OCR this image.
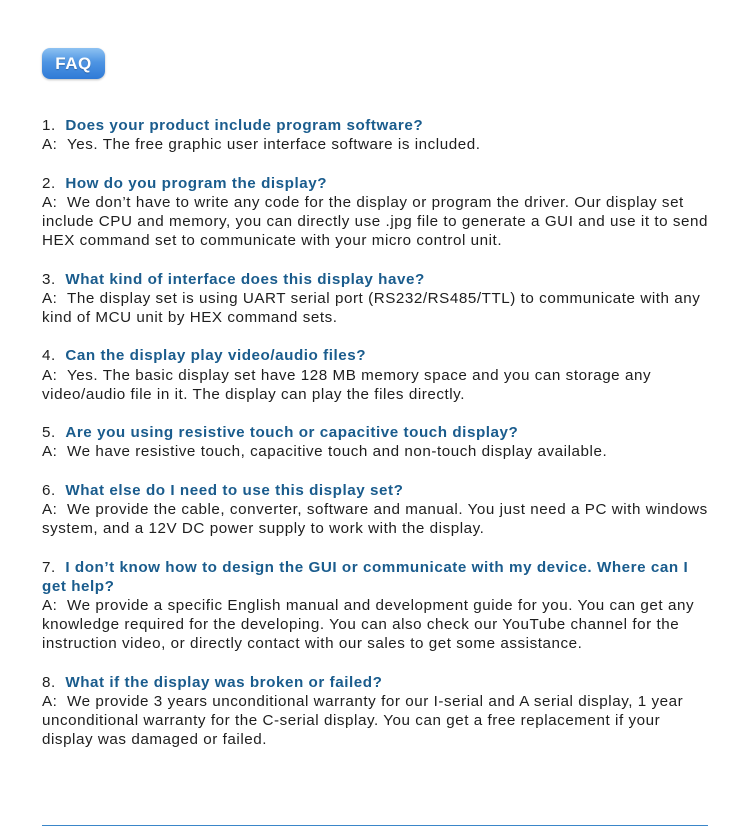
FAQ

1. Does your product include program software?

A: Yes. The free graphic user interface software is included.

2. How do you program the display?

A: We don’t have to write any code for the display or program the driver. Our display set include CPU and memory, you can directly use .jpg file to generate a GUI and use it to send HEX command set to communicate with your micro control unit.

3. What kind of interface does this display have?

A: The display set is using UART serial port (RS232/RS485/TTL) to communicate with any kind of MCU unit by HEX command sets.

4. Can the display play video/audio files?

A: Yes. The basic display set have 128 MB memory space and you can storage any video/audio file in it. The display can play the files directly.

5. Are you using resistive touch or capacitive touch display?

A: We have resistive touch, capacitive touch and non-touch display available.

6. What else do I need to use this display set?

A: We provide the cable, converter, software and manual. You just need a PC with windows system, and a 12V DC power supply to work with the display.

7. I don’t know how to design the GUI or communicate with my device. Where can I get help?

A: We provide a specific English manual and development guide for you. You can get any knowledge required for the developing. You can also check our YouTube channel for the instruction video, or directly contact with our sales to get some assistance.

8. What if the display was broken or failed?

A: We provide 3 years unconditional warranty for our I-serial and A serial display, 1 year unconditional warranty for the C-serial display. You can get a free replacement if your display was damaged or failed.
